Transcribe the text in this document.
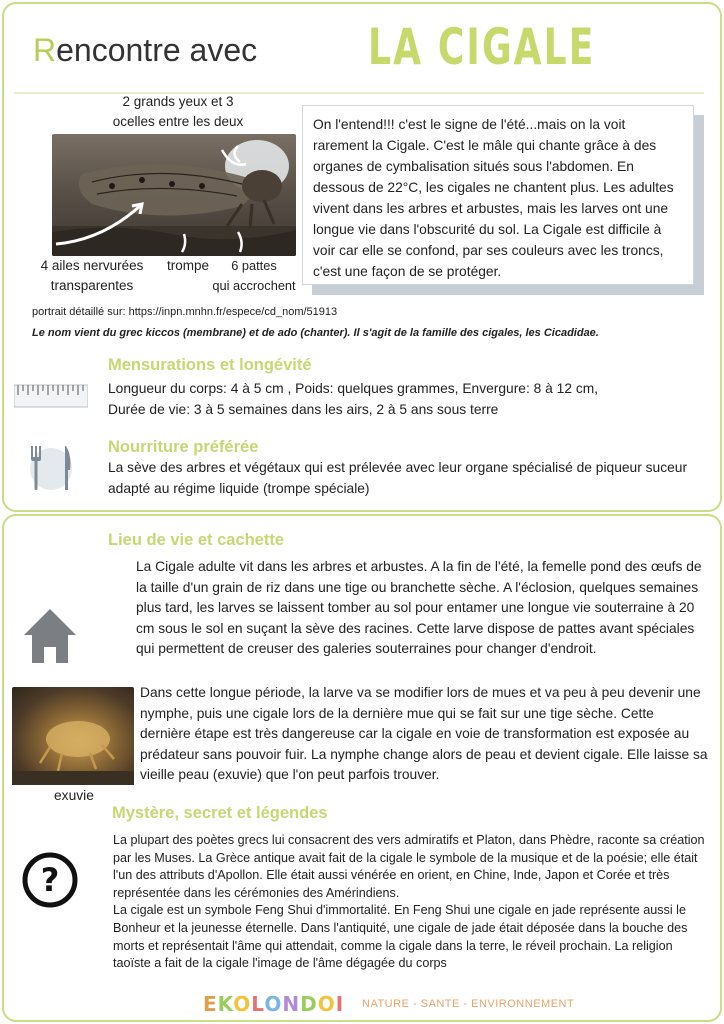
Rencontre avec LA CIGALE
2 grands yeux et 3
ocelles entre les deux
4 ailes nervurées
transparentes
trompe	6 pattes
qui accrochent
On l'entend!!! c'est le signe de l'été...mais on la voit rarement la Cigale. C'est le mâle qui chante grâce à des organes de cymbalisation situés sous l'abdomen. En dessous de 22°C, les cigales ne chantent plus. Les adultes vivent dans les arbres et arbustes, mais les larves ont une longue vie dans l'obscurité du sol. La Cigale est difficile à voir car elle se confond, par ses couleurs avec les troncs, c'est une façon de se protéger.
portrait détaillé sur: https://inpn.mnhn.fr/espece/cd_nom/51913
Le nom vient du grec kiccos (membrane) et de ado (chanter). Il s'agit de la famille des cigales, les Cicadidae.
Mensurations et longévité
Longueur du corps: 4 à 5 cm , Poids: quelques grammes, Envergure: 8 à 12 cm,
Durée de vie: 3 à 5 semaines dans les airs, 2 à 5 ans sous terre
Nourriture préférée
La sève des arbres et végétaux qui est prélevée avec leur organe spécialisé de piqueur suceur adapté au régime liquide (trompe spéciale)
Lieu de vie et cachette
La Cigale adulte vit dans les arbres et arbustes. A la fin de l'été, la femelle pond des œufs de la taille d'un grain de riz dans une tige ou branchette sèche. A l'éclosion, quelques semaines plus tard, les larves se laissent tomber au sol pour entamer une longue vie souterraine à 20 cm sous le sol en suçant la sève des racines. Cette larve dispose de pattes avant spéciales qui permettent de creuser des galeries souterraines pour changer d'endroit.
Dans cette longue période, la larve va se modifier lors de mues et va peu à peu devenir une nymphe, puis une cigale lors de la dernière mue qui se fait sur une tige sèche. Cette dernière étape est très dangereuse car la cigale en voie de transformation est exposée au prédateur sans pouvoir fuir. La nymphe change alors de peau et devient cigale. Elle laisse sa vieille peau (exuvie) que l'on peut parfois trouver.
exuvie
Mystère, secret et légendes
?
La plupart des poètes grecs lui consacrent des vers admiratifs et Platon, dans Phèdre, raconte sa création par les Muses. La Grèce antique avait fait de la cigale le symbole de la musique et de la poésie; elle était l'un des attributs d'Apollon. Elle était aussi vénérée en orient, en Chine, Inde, Japon et Corée et très représentée dans les cérémonies des Amérindiens.
La cigale est un symbole Feng Shui d'immortalité. En Feng Shui une cigale en jade représente aussi le Bonheur et la jeunesse éternelle. Dans l'antiquité, une cigale de jade était déposée dans la bouche des morts et représentait l'âme qui attendait, comme la cigale dans la terre, le réveil prochain. La religion taoïste a fait de la cigale l'image de l'âme dégagée du corps
EKOLONDOI NATURE - SANTE - ENVIRONNEMENT
